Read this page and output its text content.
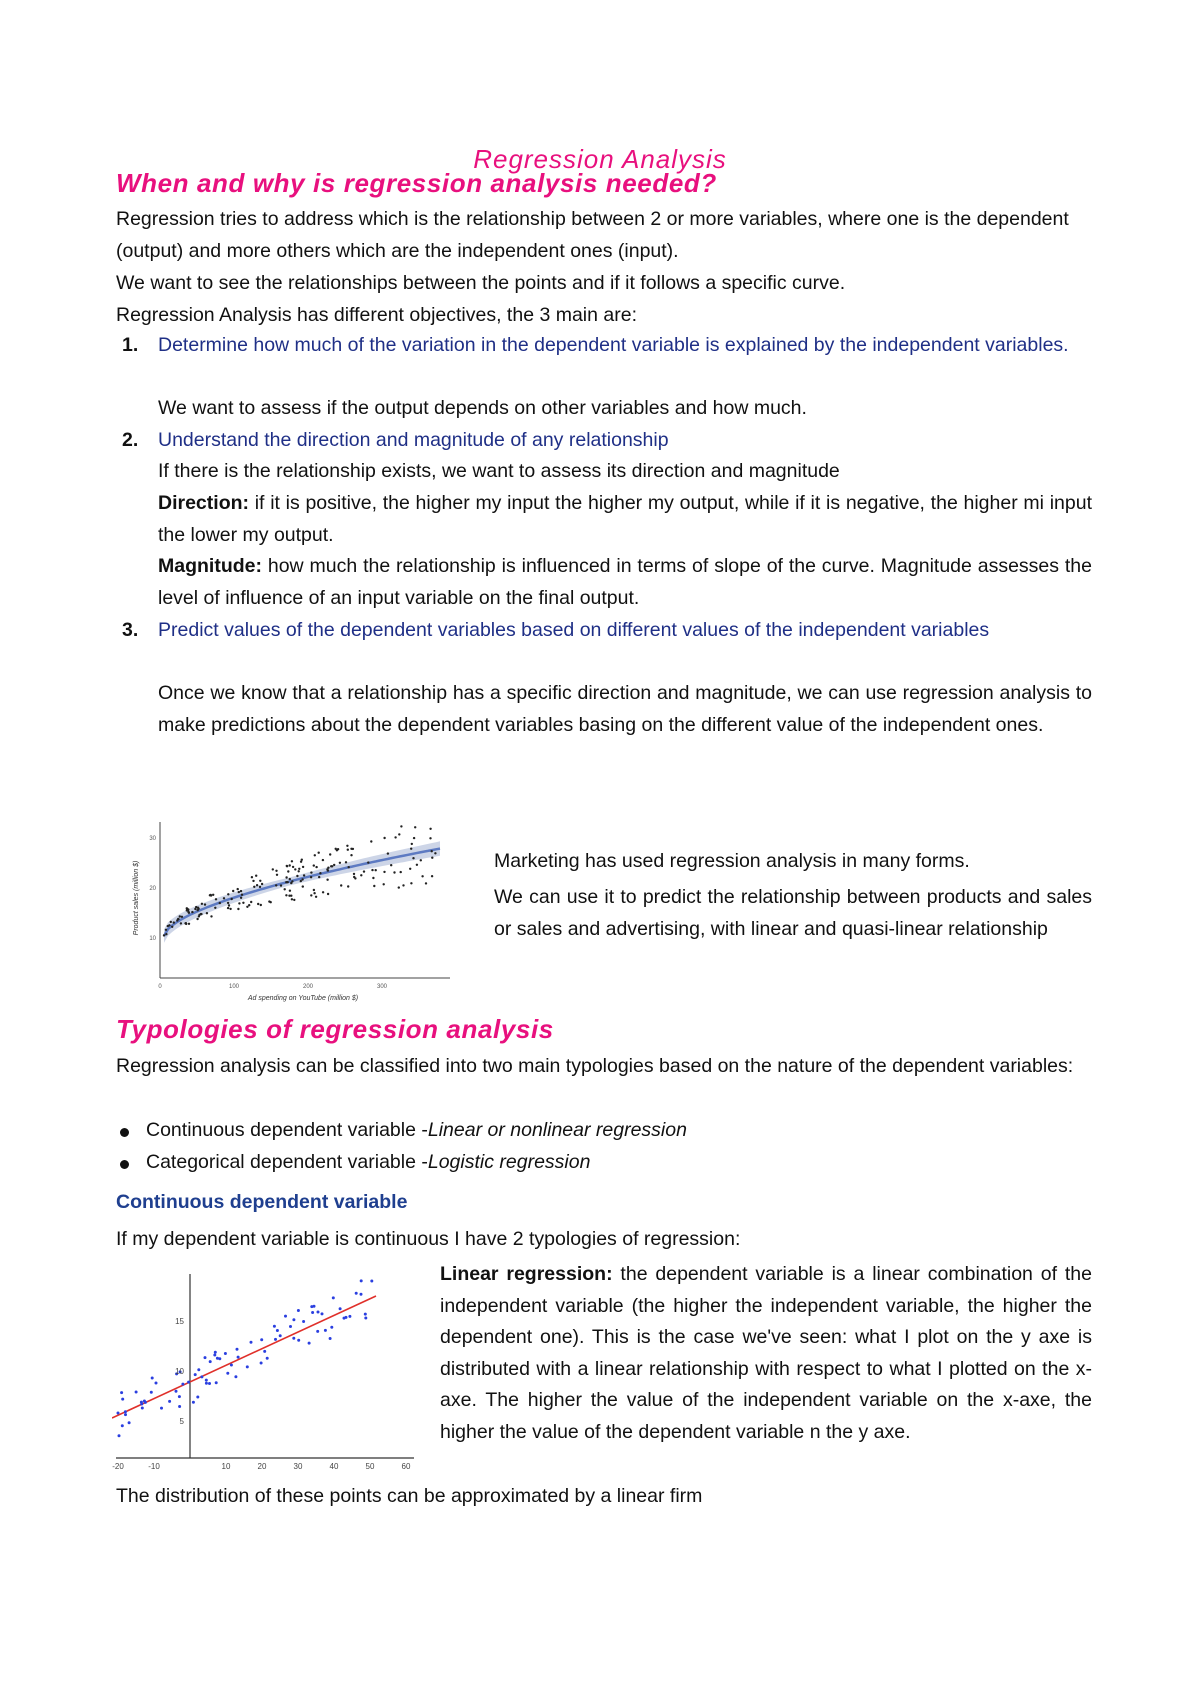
Regression Analysis
When and why is regression analysis needed?

Regression tries to address which is the relationship between 2 or more variables, where one is the dependent (output) and more others which are the independent ones (input).

We want to see the relationships between the points and if it follows a specific curve.

Regression Analysis has different objectives, the 3 main are:

1. Determine how much of the variation in the dependent variable is explained by the independent variables.

We want to assess if the output depends on other variables and how much.

2. Understand the direction and magnitude of any relationship

If there is the relationship exists, we want to assess its direction and magnitude

Direction: if it is positive, the higher my input the higher my output, while if it is negative, the higher mi input the lower my output.

Magnitude: how much the relationship is influenced in terms of slope of the curve. Magnitude assesses the level of influence of an input variable on the final output.

3. Predict values of the dependent variables based on different values of the independent variables

Once we know that a relationship has a specific direction and magnitude, we can use regression analysis to make predictions about the dependent variables basing on the different value of the independent ones.

30
20
10
0	100	200	300
Ad spending on YouTube (million $)
Product sales (million $)	Marketing has used regression analysis in many forms.

We can use it to predict the relationship between products and sales or sales and advertising, with linear and quasi-linear relationship

Typologies of regression analysis

Regression analysis can be classified into two main typologies based on the nature of the dependent variables:

Continuous dependent variable -Linear or nonlinear regression

Categorical dependent variable -Logistic regression

Continuous dependent variable

If my dependent variable is continuous I have 2 typologies of regression:

15
10
5
-20	-10	10	20	30	40	50	60

Linear regression: the dependent variable is a linear combination of the independent variable (the higher the independent variable, the higher the dependent one). This is the case we've seen: what I plot on the y axe is distributed with a linear relationship with respect to what I plotted on the x-axe. The higher the value of the independent variable on the x-axe, the higher the value of the dependent variable n the y axe.

The distribution of these points can be approximated by a linear firm
